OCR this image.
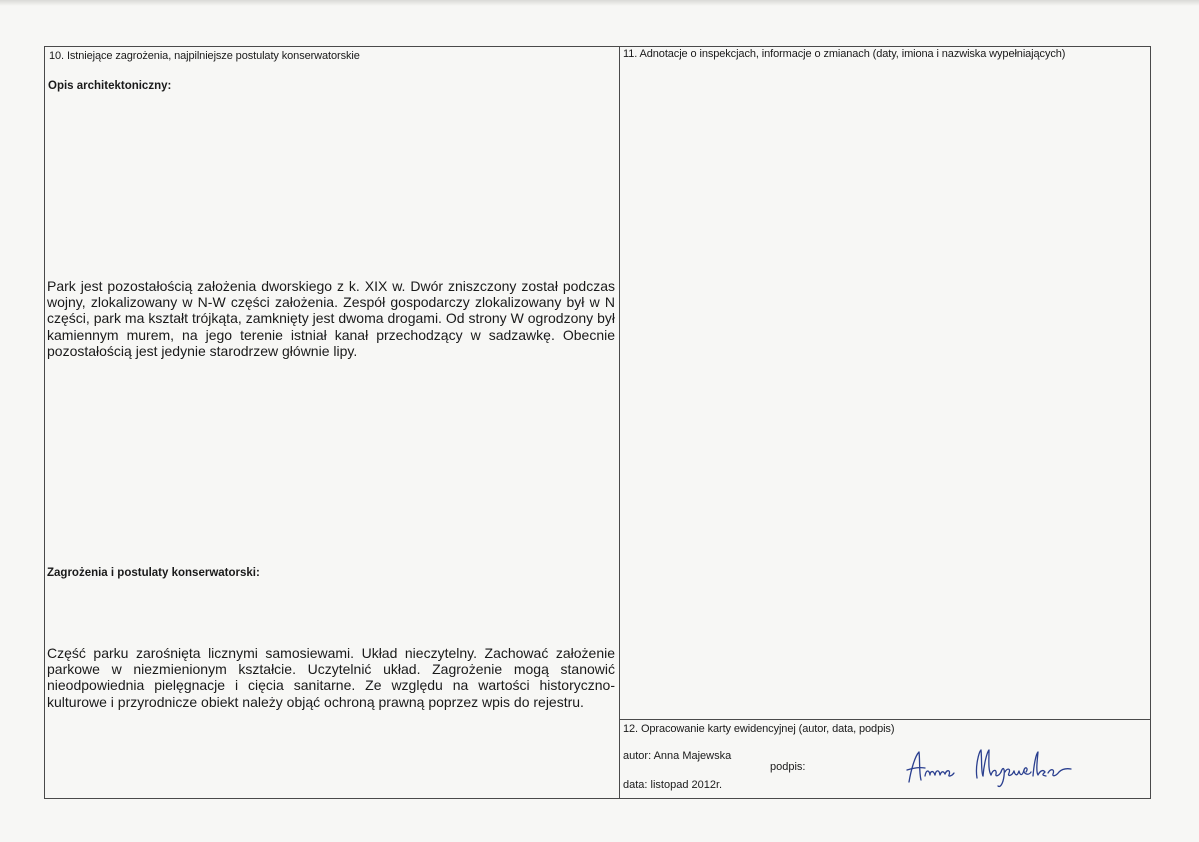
10. Istniejące zagrożenia, najpilniejsze postulaty konserwatorskie
Opis architektoniczny:
Park jest pozostałością założenia dworskiego z k. XIX w. Dwór zniszczony został podczas wojny, zlokalizowany w N-W części założenia. Zespół gospodarczy zlokalizowany był w N części, park ma kształt trójkąta, zamknięty jest dwoma drogami. Od strony W ogrodzony był kamiennym murem, na jego terenie istniał kanał przechodzący w sadzawkę. Obecnie pozostałością jest jedynie starodrzew głównie lipy.
Zagrożenia i postulaty konserwatorski:
Część parku zarośnięta licznymi samosiewami. Układ nieczytelny. Zachować założenie parkowe w niezmienionym kształcie. Uczytelnić układ. Zagrożenie mogą stanowić nieodpowiednia pielęgnacje i cięcia sanitarne. Ze względu na wartości historyczno-kulturowe i przyrodnicze obiekt należy objąć ochroną prawną poprzez wpis do rejestru.
11. Adnotacje o inspekcjach, informacje o zmianach (daty, imiona i nazwiska wypełniających)
12. Opracowanie karty ewidencyjnej (autor, data, podpis)
autor: Anna Majewska
data: listopad 2012r.
podpis:
